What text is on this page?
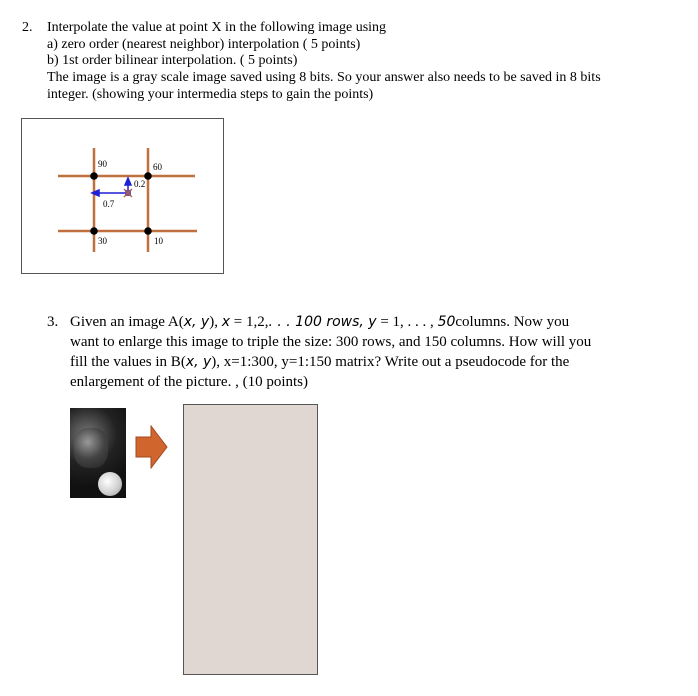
2. Interpolate the value at point X in the following image using
a) zero order (nearest neighbor) interpolation ( 5 points)
b) 1st order bilinear interpolation. ( 5 points)
The image is a gray scale image saved using 8 bits. So your answer also needs to be saved in 8 bits
integer. (showing your intermedia steps to gain the points)
90	60
30	10
0.2
0.7
3. Given an image A(x, y), x = 1,2,. . . 100 rows, y = 1, . . . , 50columns. Now you
want to enlarge this image to triple the size: 300 rows, and 150 columns. How will you
fill the values in B(x, y), x=1:300, y=1:150 matrix? Write out a pseudocode for the
enlargement of the picture. , (10 points)
